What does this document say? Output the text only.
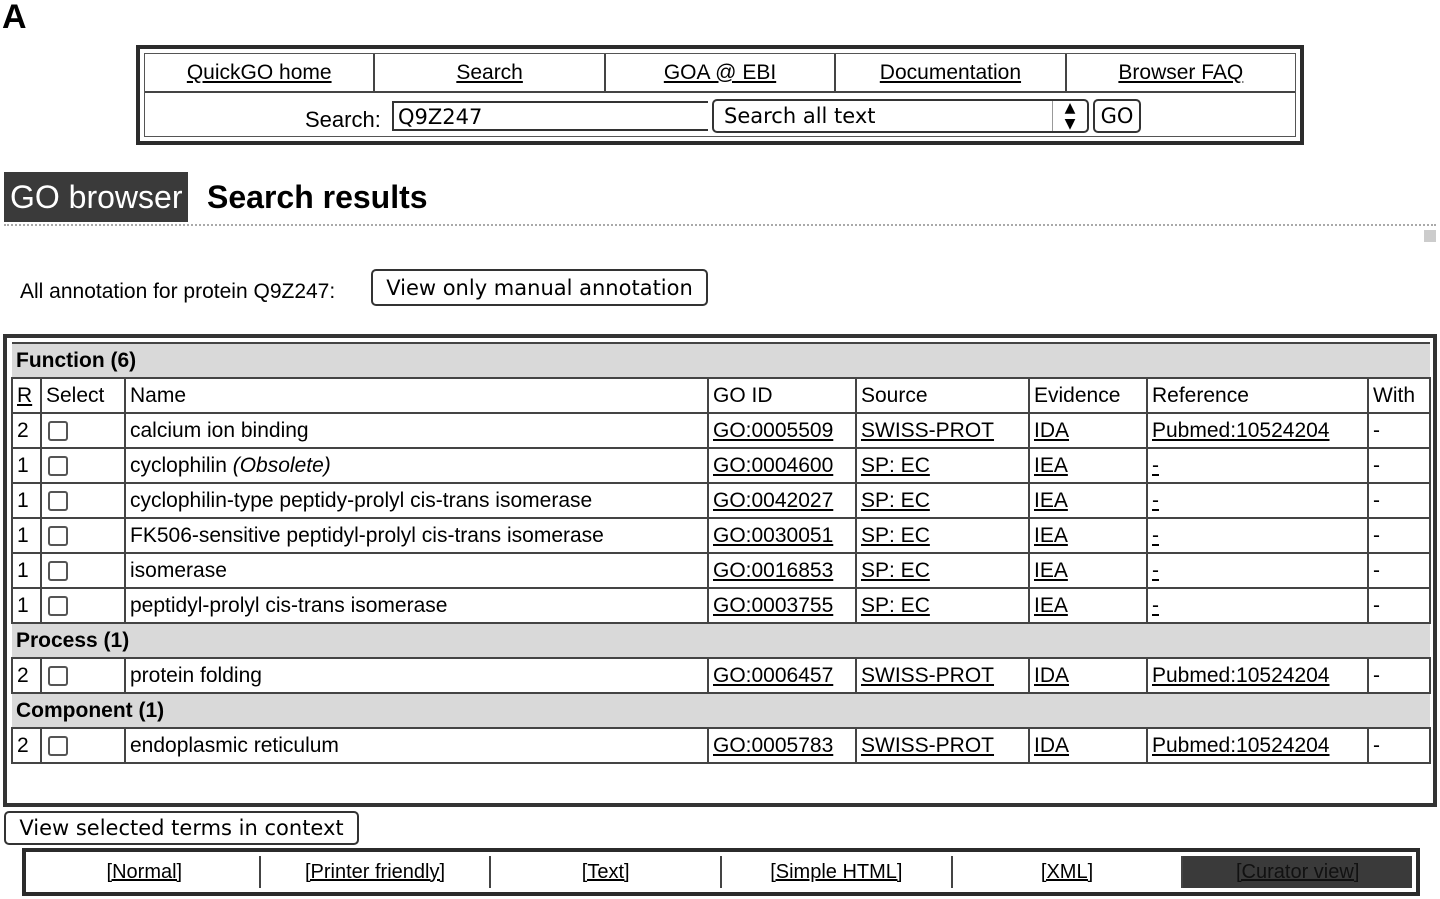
A
QuickGO home	Search	GOA @ EBI	Documentation	Browser FAQ
Search: Q9Z247	Search all text	▲
▼	GO
GO browser Search results
All annotation for protein Q9Z247:	View only manual annotation
Function (6)							
R	Select	Name	GO ID	Source	Evidence	Reference	With
2		calcium ion binding	GO:0005509	SWISS-PROT	IDA	Pubmed:10524204	-
1		cyclophilin (Obsolete)	GO:0004600	SP: EC	IEA	-	-
1		cyclophilin-type peptidy-prolyl cis-trans isomerase	GO:0042027	SP: EC	IEA	-	-
1		FK506-sensitive peptidyl-prolyl cis-trans isomerase	GO:0030051	SP: EC	IEA	-	-
1		isomerase	GO:0016853	SP: EC	IEA	-	-
1		peptidyl-prolyl cis-trans isomerase	GO:0003755	SP: EC	IEA	-	-
Process (1)							
2		protein folding	GO:0006457	SWISS-PROT	IDA	Pubmed:10524204	-
Component (1)							
2		endoplasmic reticulum	GO:0005783	SWISS-PROT	IDA	Pubmed:10524204	-
View selected terms in context
[Normal]	[Printer friendly]	[Text]	[Simple HTML]	[XML]	[Curator view]
